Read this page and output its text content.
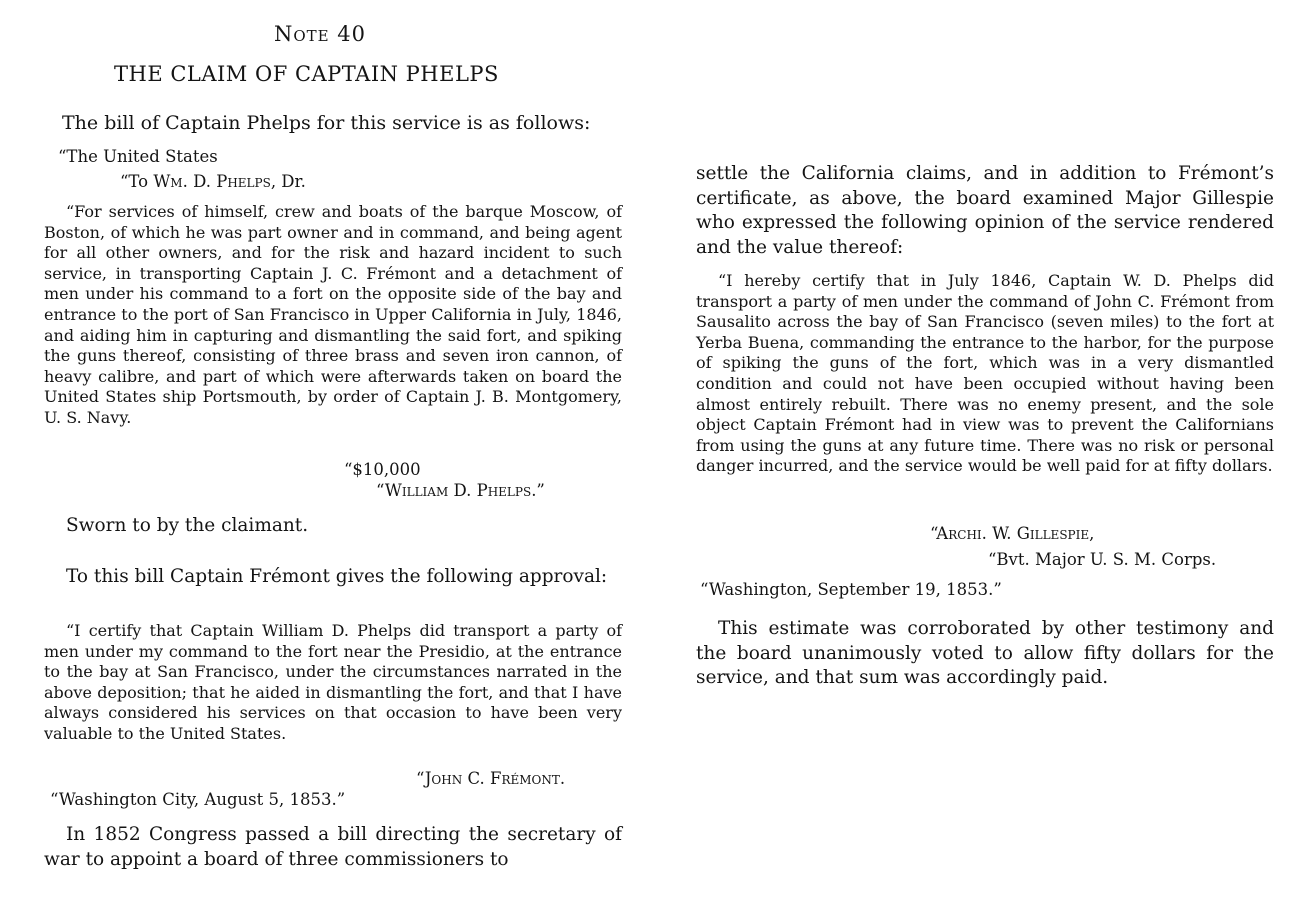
Note 40
THE CLAIM OF CAPTAIN PHELPS
The bill of Captain Phelps for this service is as follows:
“The United States
“To Wm. D. Phelps, Dr.

“For services of himself, crew and boats of the barque Moscow, of Boston, of which he was part owner and in command, and being agent for all other owners, and for the risk and hazard incident to such service, in transporting Captain J. C. Frémont and a detachment of men under his command to a fort on the opposite side of the bay and entrance to the port of San Francisco in Upper California in July, 1846, and aiding him in capturing and dismantling the said fort, and spiking the guns thereof, consisting of three brass and seven iron cannon, of heavy calibre, and part of which were afterwards taken on board the United States ship Portsmouth, by order of Captain J. B. Montgomery, U. S. Navy.

“$10,000
“William D. Phelps.”
Sworn to by the claimant.

To this bill Captain Frémont gives the following approval:

“I certify that Captain William D. Phelps did transport a party of men under my command to the fort near the Presidio, at the entrance to the bay at San Francisco, under the circumstances narrated in the above deposition; that he aided in dismantling the fort, and that I have always considered his services on that occasion to have been very valuable to the United States.

“John C. Frémont.
“Washington City, August 5, 1853.”

In 1852 Congress passed a bill directing the secretary of war to appoint a board of three commissioners to

settle the California claims, and in addition to Frémont’s certificate, as above, the board examined Major Gillespie who expressed the following opinion of the service rendered and the value thereof:

“I hereby certify that in July 1846, Captain W. D. Phelps did transport a party of men under the command of John C. Frémont from Sausalito across the bay of San Francisco (seven miles) to the fort at Yerba Buena, commanding the entrance to the harbor, for the purpose of spiking the guns of the fort, which was in a very dismantled condition and could not have been occupied without having been almost entirely rebuilt. There was no enemy present, and the sole object Captain Frémont had in view was to prevent the Californians from using the guns at any future time. There was no risk or personal danger incurred, and the service would be well paid for at fifty dollars.

“Archi. W. Gillespie,
“Bvt. Major U. S. M. Corps.
“Washington, September 19, 1853.”

This estimate was corroborated by other testimony and the board unanimously voted to allow fifty dollars for the service, and that sum was accordingly paid.
